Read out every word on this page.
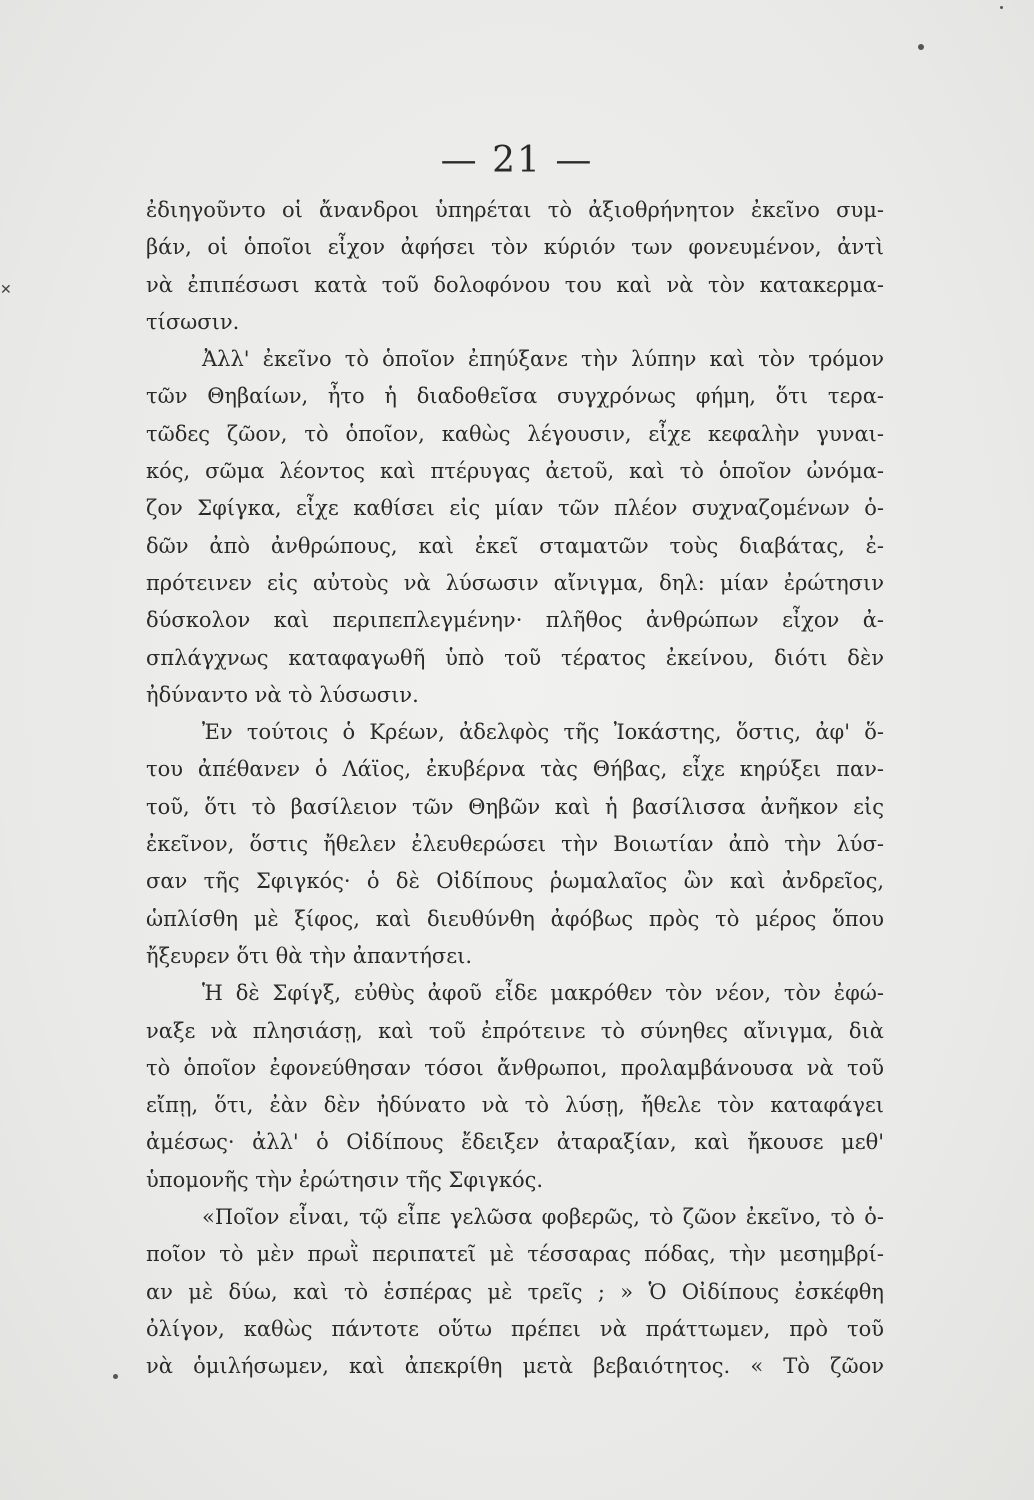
✕
— 21 —
ἐδιηγοῦντο οἱ ἄνανδροι ὑπηρέται τὸ ἀξιοθρήνητον ἐκεῖνο συμ-
βάν, οἱ ὁποῖοι εἶχον ἀφήσει τὸν κύριόν των φονευμένον, ἀντὶ
νὰ ἐπιπέσωσι κατὰ τοῦ δολοφόνου του καὶ νὰ τὸν κατακερμα-
τίσωσιν.
Ἀλλ' ἐκεῖνο τὸ ὁποῖον ἐπηύξανε τὴν λύπην καὶ τὸν τρόμον
τῶν Θηβαίων, ἦτο ἡ διαδοθεῖσα συγχρόνως φήμη, ὅτι τερα-
τῶδες ζῶον, τὸ ὁποῖον, καθὼς λέγουσιν, εἶχε κεφαλὴν γυναι-
κός, σῶμα λέοντος καὶ πτέρυγας ἀετοῦ, καὶ τὸ ὁποῖον ὠνόμα-
ζον Σφίγκα, εἶχε καθίσει εἰς μίαν τῶν πλέον συχναζομένων ὁ-
δῶν ἀπὸ ἀνθρώπους, καὶ ἐκεῖ σταματῶν τοὺς διαβάτας, ἐ-
πρότεινεν εἰς αὐτοὺς νὰ λύσωσιν αἴνιγμα, δηλ: μίαν ἐρώτησιν
δύσκολον καὶ περιπεπλεγμένην· πλῆθος ἀνθρώπων εἶχον ἀ-
σπλάγχνως καταφαγωθῆ ὑπὸ τοῦ τέρατος ἐκείνου, διότι δὲν
ἠδύναντο νὰ τὸ λύσωσιν.
Ἐν τούτοις ὁ Κρέων, ἀδελφὸς τῆς Ἰοκάστης, ὅστις, ἀφ' ὅ-
του ἀπέθανεν ὁ Λάϊος, ἐκυβέρνα τὰς Θήβας, εἶχε κηρύξει παν-
τοῦ, ὅτι τὸ βασίλειον τῶν Θηβῶν καὶ ἡ βασίλισσα ἀνῆκον εἰς
ἐκεῖνον, ὅστις ἤθελεν ἐλευθερώσει τὴν Βοιωτίαν ἀπὸ τὴν λύσ-
σαν τῆς Σφιγκός· ὁ δὲ Οἰδίπους ῥωμαλαῖος ὢν καὶ ἀνδρεῖος,
ὡπλίσθη μὲ ξίφος, καὶ διευθύνθη ἀφόβως πρὸς τὸ μέρος ὅπου
ἤξευρεν ὅτι θὰ τὴν ἀπαντήσει.
Ἡ δὲ Σφίγξ, εὐθὺς ἀφοῦ εἶδε μακρόθεν τὸν νέον, τὸν ἐφώ-
ναξε νὰ πλησιάσῃ, καὶ τοῦ ἐπρότεινε τὸ σύνηθες αἴνιγμα, διὰ
τὸ ὁποῖον ἐφονεύθησαν τόσοι ἄνθρωποι, προλαμβάνουσα νὰ τοῦ
εἴπῃ, ὅτι, ἐὰν δὲν ἠδύνατο νὰ τὸ λύσῃ, ἤθελε τὸν καταφάγει
ἀμέσως· ἀλλ' ὁ Οἰδίπους ἔδειξεν ἀταραξίαν, καὶ ἤκουσε μεθ'
ὑπομονῆς τὴν ἐρώτησιν τῆς Σφιγκός.
«Ποῖον εἶναι, τῷ εἶπε γελῶσα φοβερῶς, τὸ ζῶον ἐκεῖνο, τὸ ὁ-
ποῖον τὸ μὲν πρωῒ περιπατεῖ μὲ τέσσαρας πόδας, τὴν μεσημβρί-
αν μὲ δύω, καὶ τὸ ἑσπέρας μὲ τρεῖς ; » Ὁ Οἰδίπους ἐσκέφθη
ὀλίγον, καθὼς πάντοτε οὕτω πρέπει νὰ πράττωμεν, πρὸ τοῦ
νὰ ὁμιλήσωμεν, καὶ ἀπεκρίθη μετὰ βεβαιότητος. « Τὸ ζῶον
